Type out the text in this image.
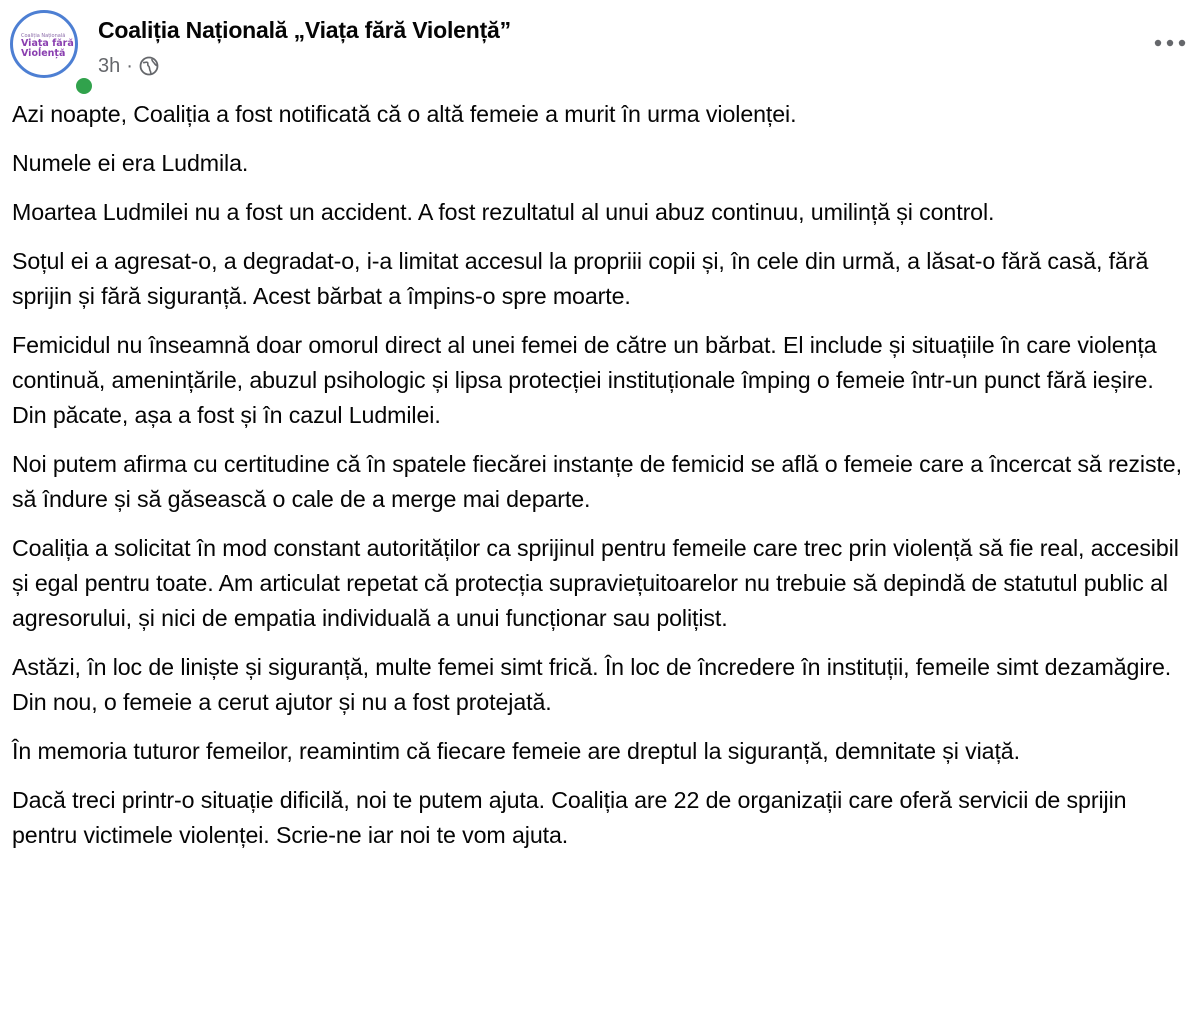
Coaliția Națională
Viața fără
Violență
Coaliția Națională „Viața fără Violență”
3h ·

Azi noapte, Coaliția a fost notificată că o altă femeie a murit în urma violenței.

Numele ei era Ludmila.

Moartea Ludmilei nu a fost un accident. A fost rezultatul al unui abuz continuu, umilință și control.

Soțul ei a agresat-o, a degradat-o, i-a limitat accesul la propriii copii și, în cele din urmă, a lăsat-o fără casă, fără sprijin și fără siguranță. Acest bărbat a împins-o spre moarte.

Femicidul nu înseamnă doar omorul direct al unei femei de către un bărbat. El include și situațiile în care violența continuă, amenințările, abuzul psihologic și lipsa protecției instituționale împing o femeie într-un punct fără ieșire. Din păcate, așa a fost și în cazul Ludmilei.

Noi putem afirma cu certitudine că în spatele fiecărei instanțe de femicid se află o femeie care a încercat să reziste, să îndure și să găsească o cale de a merge mai departe.

Coaliția a solicitat în mod constant autorităților ca sprijinul pentru femeile care trec prin violență să fie real, accesibil și egal pentru toate. Am articulat repetat că protecția supraviețuitoarelor nu trebuie să depindă de statutul public al agresorului, și nici de empatia individuală a unui funcționar sau polițist.

Astăzi, în loc de liniște și siguranță, multe femei simt frică. În loc de încredere în instituții, femeile simt dezamăgire. Din nou, o femeie a cerut ajutor și nu a fost protejată.

În memoria tuturor femeilor, reamintim că fiecare femeie are dreptul la siguranță, demnitate și viață.

Dacă treci printr-o situație dificilă, noi te putem ajuta. Coaliția are 22 de organizații care oferă servicii de sprijin pentru victimele violenței. Scrie-ne iar noi te vom ajuta.
